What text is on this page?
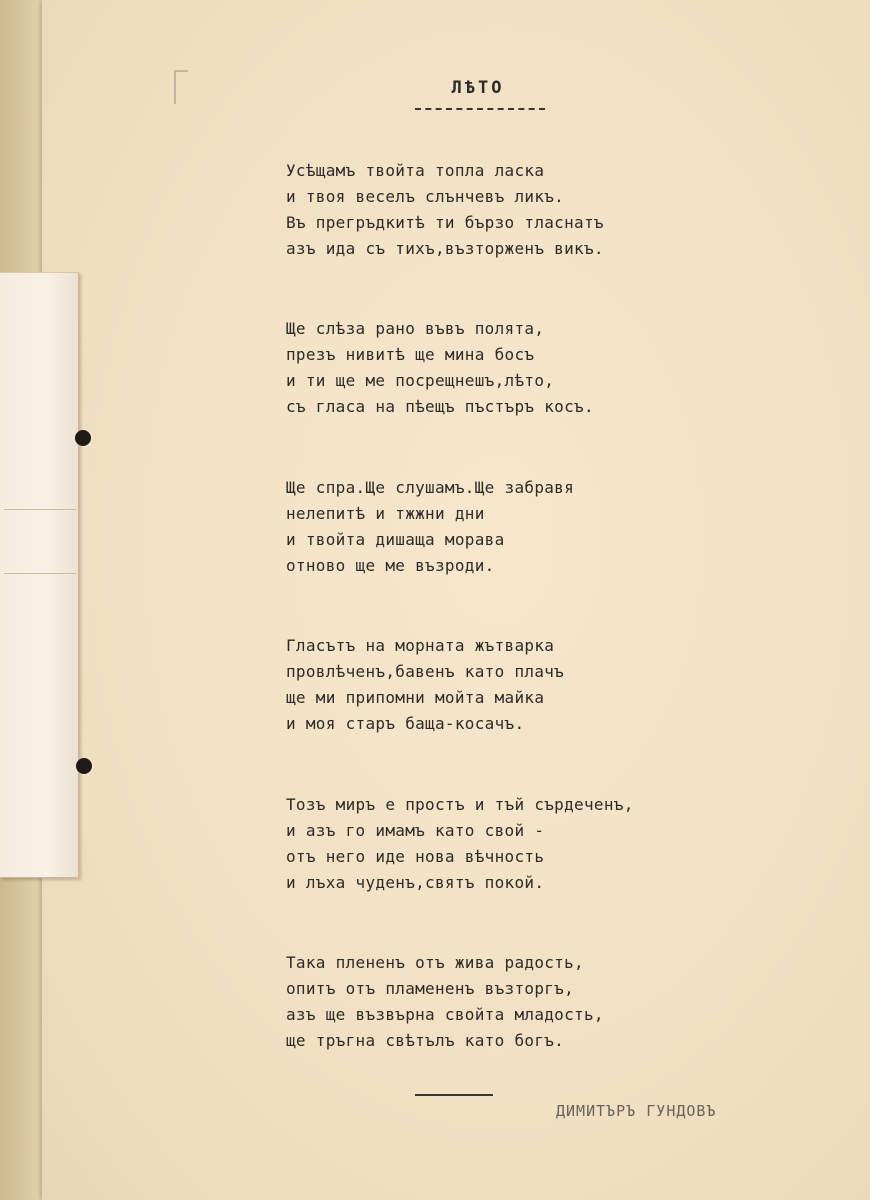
ЛѢТО
Усѣщамъ твойта топла ласка
и твоя веселъ слънчевъ ликъ.
Въ прегръдкитѣ ти бързо тласнатъ
азъ ида съ тихъ,възторженъ викъ.
Ще слѣза рано въвъ полята,
презъ нивитѣ ще мина босъ
и ти ще ме посрещнешъ,лѣто,
съ гласа на пѣещъ пъстъръ косъ.
Ще спра.Ще слушамъ.Ще забравя
нелепитѣ и тжжни дни
и твойта дишаща морава
отново ще ме възроди.
Гласътъ на морната жътварка
провлѣченъ,бавенъ като плачъ
ще ми припомни мойта майка
и моя старъ баща-косачъ.
Тозъ миръ е простъ и тъй сърдеченъ,
и азъ го имамъ като свой -
отъ него иде нова вѣчность
и лъха чуденъ,святъ покой.
Така плененъ отъ жива радость,
опитъ отъ пламененъ възторгъ,
азъ ще възвърна свойта младость,
ще тръгна свѣтълъ като богъ.
ДИМИТЪРЪ ГУНДОВЪ
